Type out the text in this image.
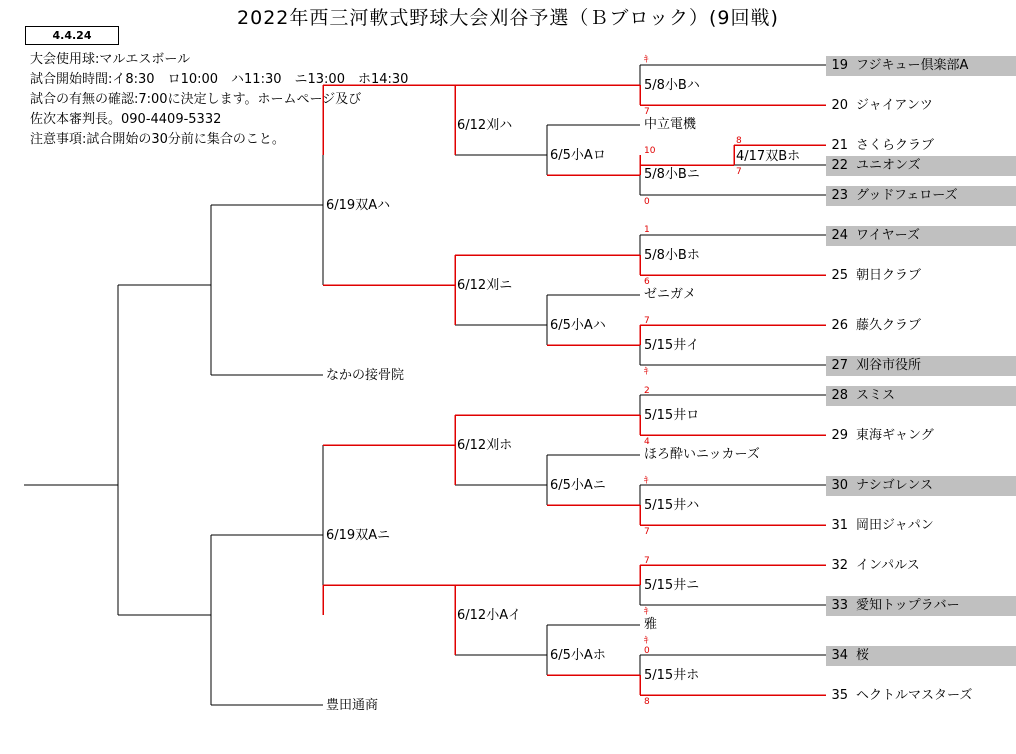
2022年西三河軟式野球大会刈谷予選（Ｂブロック）(9回戦)
4.4.24
大会使用球:マルエスボール
試合開始時間:イ8:30　ロ10:00　ハ11:30　ニ13:00　ホ14:30
試合の有無の確認:7:00に決定します。ホームページ及び
佐次本審判長。090-4409-5332
注意事項:試合開始の30分前に集合のこと。
5/8小Bハ
4/17双Bホ
5/8小Bニ
6/5小Aロ
6/12刈ハ
5/8小Bホ
5/15井イ
6/5小Aハ
6/12刈ニ
6/19双Aハ
5/15井ロ
5/15井ハ
6/5小Aニ
6/12刈ホ
5/15井ニ
5/15井ホ
6/5小Aホ
6/12小Aイ
6/19双Aニ
中立電機
ゼニガメ
なかの接骨院
ほろ酔いニッカーズ
雅
豊田通商
ｷ
7
8
7
10
0
1
6
7
ｷ
2
4
ｷ
7
7
ｷ
ｷ
0
8
19 フジキュー倶楽部A
20 ジャイアンツ
21 さくらクラブ
22 ユニオンズ
23 グッドフェローズ
24 ワイヤーズ
25 朝日クラブ
26 藤久クラブ
27 刈谷市役所
28 スミス
29 東海ギャング
30 ナシゴレンス
31 岡田ジャパン
32 インパルス
33 愛知トップラバー
34 桜
35 ヘクトルマスターズ
